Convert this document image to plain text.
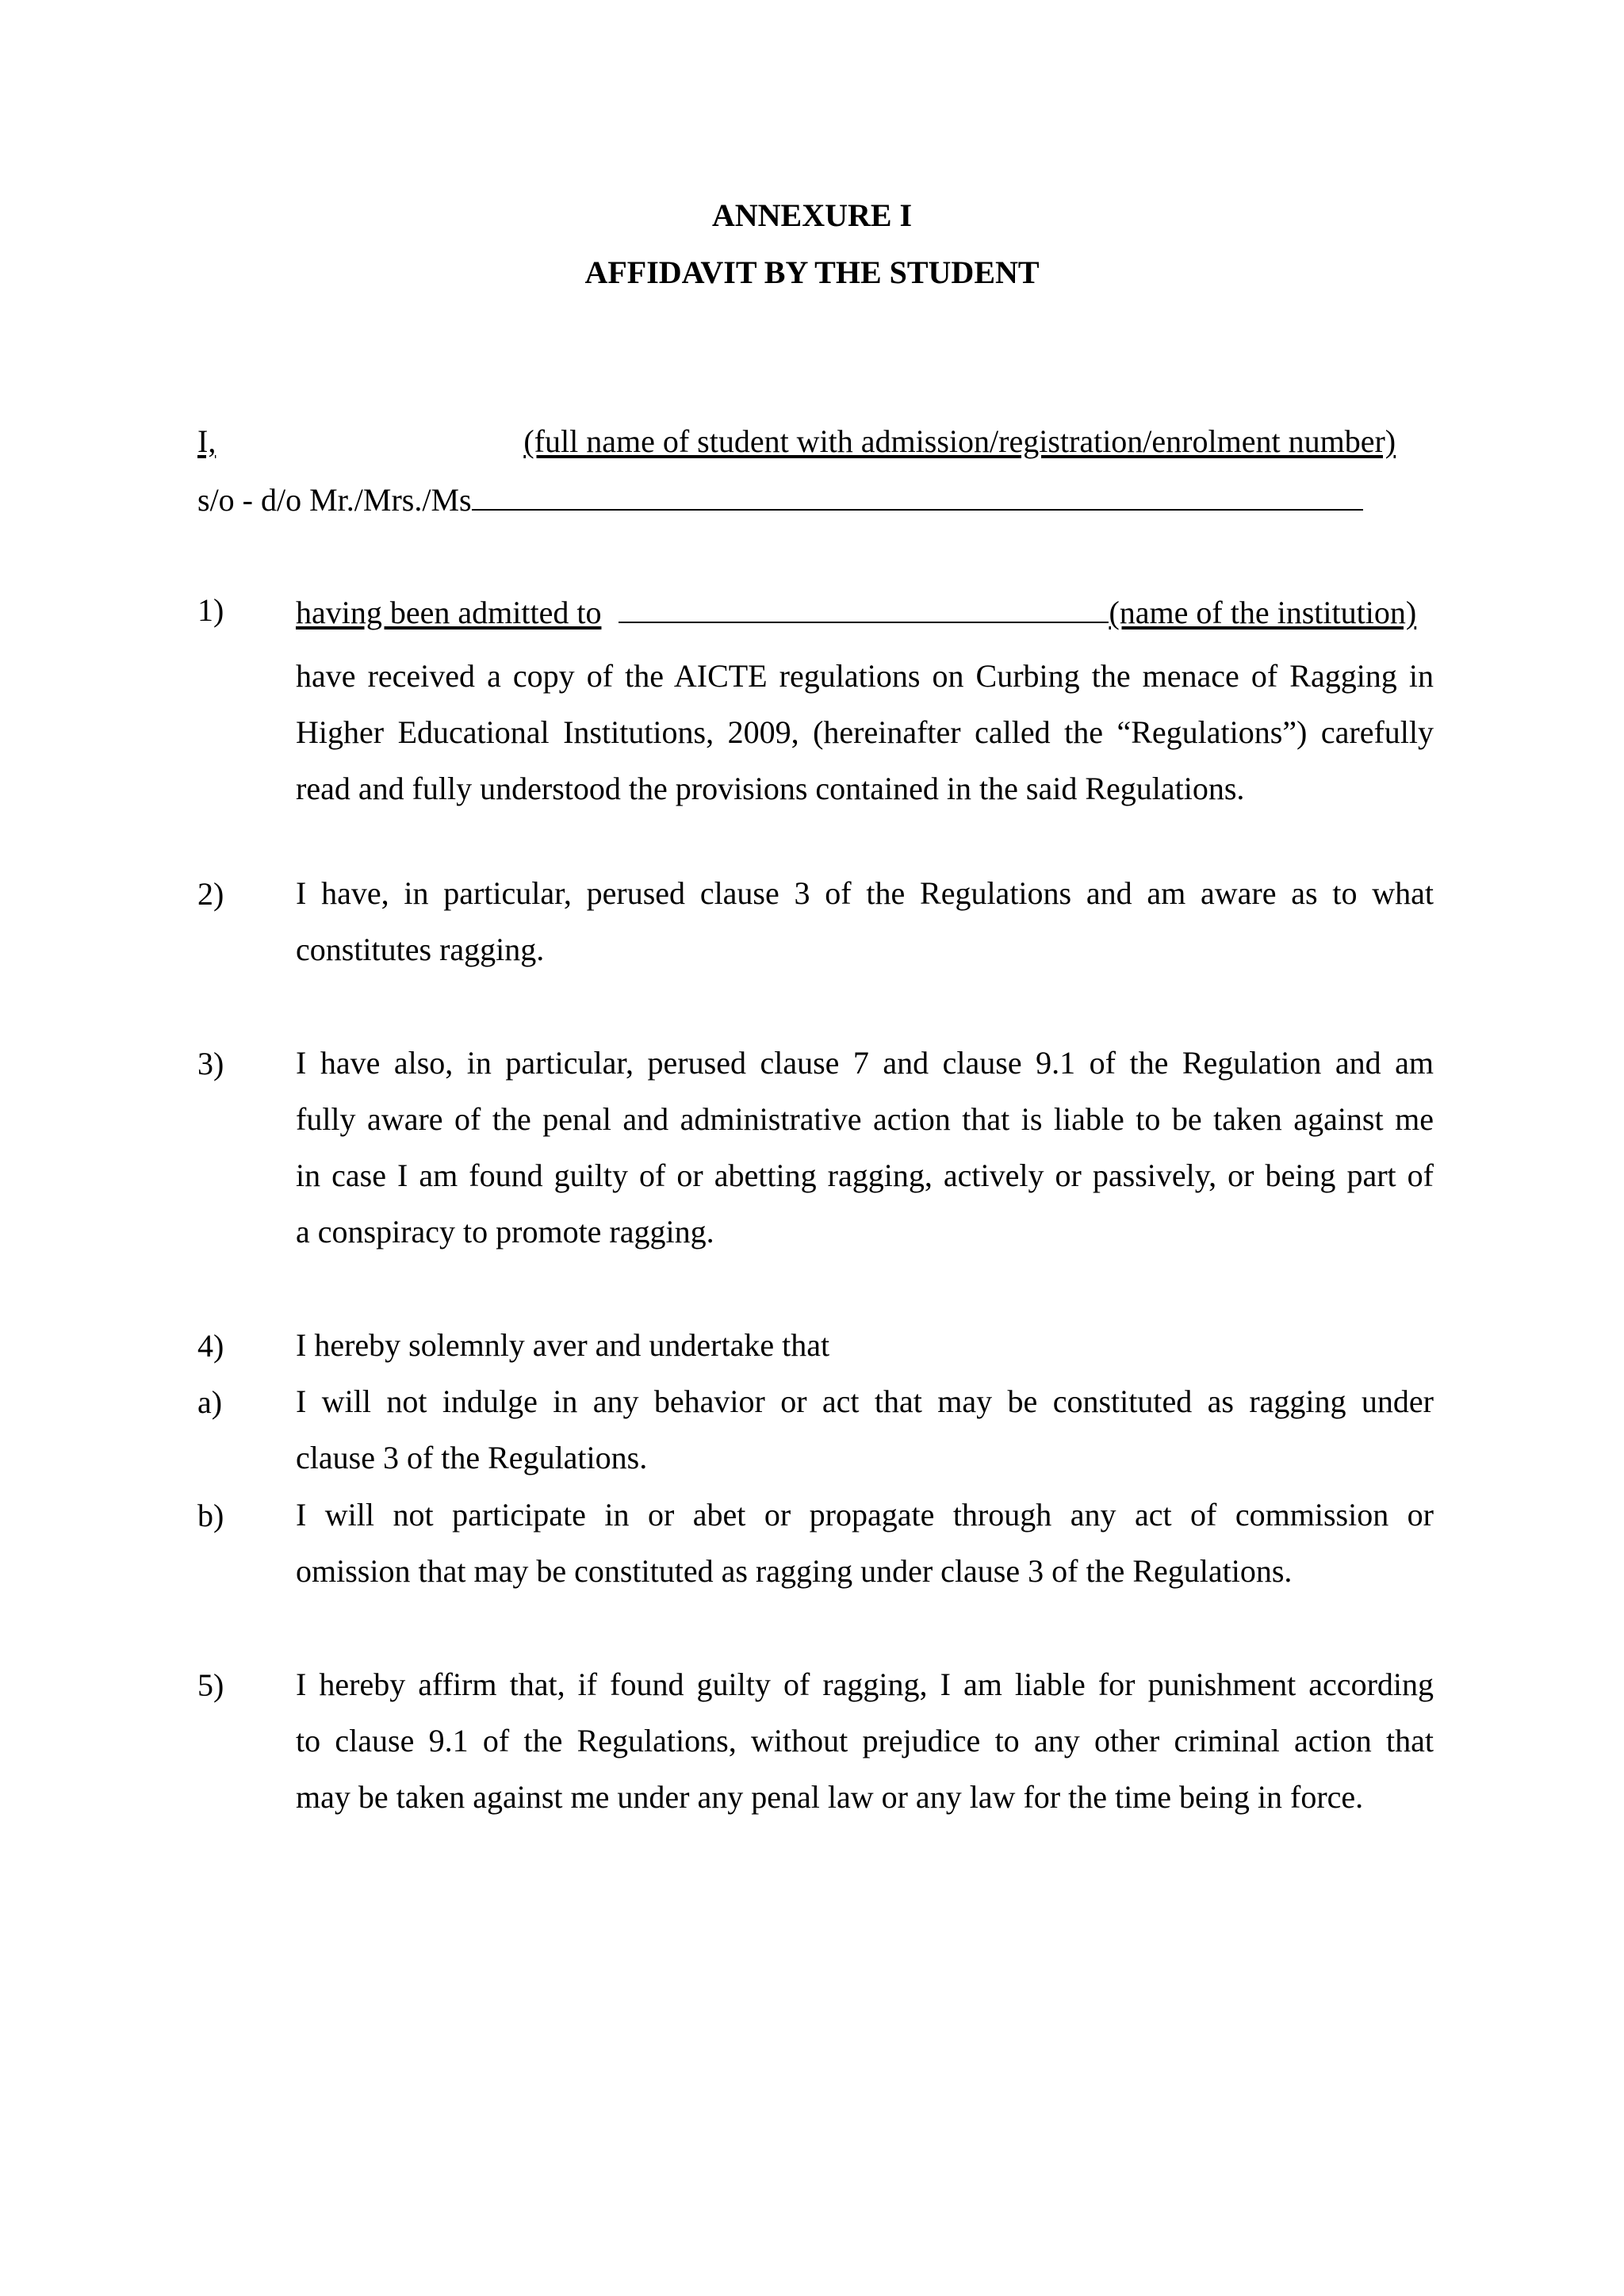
ANNEXURE I
AFFIDAVIT BY THE STUDENT
I,	(full name of student with admission/registration/enrolment number)
s/o - d/o Mr./Mrs./Ms
1) having been admitted to	(name of the institution)
have received a copy of the AICTE regulations on Curbing the menace of Ragging in
Higher Educational Institutions, 2009, (hereinafter called the “Regulations”) carefully
read and fully understood the provisions contained in the said Regulations.
2) I have, in particular, perused clause 3 of the Regulations and am aware as to what
constitutes ragging.
3) I have also, in particular, perused clause 7 and clause 9.1 of the Regulation and am
fully aware of the penal and administrative action that is liable to be taken against me
in case I am found guilty of or abetting ragging, actively or passively, or being part of
a conspiracy to promote ragging.
4) I hereby solemnly aver and undertake that
a) I will not indulge in any behavior or act that may be constituted as ragging under
clause 3 of the Regulations.
b) I will not participate in or abet or propagate through any act of commission or
omission that may be constituted as ragging under clause 3 of the Regulations.
5) I hereby affirm that, if found guilty of ragging, I am liable for punishment according
to clause 9.1 of the Regulations, without prejudice to any other criminal action that
may be taken against me under any penal law or any law for the time being in force.
